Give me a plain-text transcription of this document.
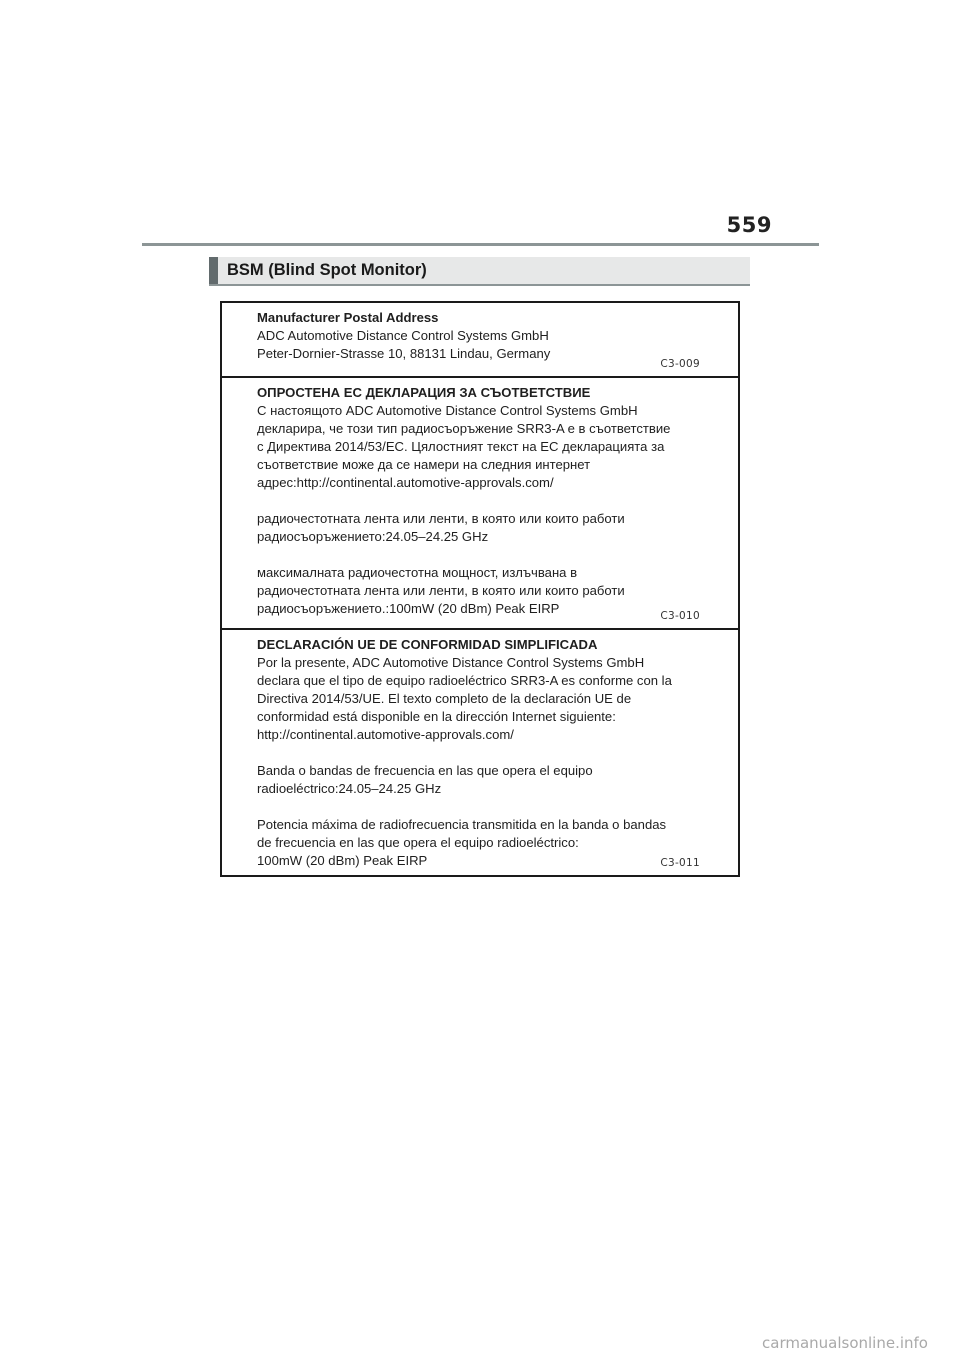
559
BSM (Blind Spot Monitor)

Manufacturer Postal Address

ADC Automotive Distance Control Systems GmbH

Peter-Dornier-Strasse 10, 88131 Lindau, Germany

C3-009

ОПРОСТЕНА ЕС ДЕКЛАРАЦИЯ ЗА СЪОТВЕТСТВИЕ

С настоящото ADC Automotive Distance Control Systems GmbH

декларира, че този тип радиосъоръжение SRR3-A е в съответствие

с Директива 2014/53/ЕС. Цялостният текст на ЕС декларацията за

съответствие може да се намери на следния интернет

адрес:http://continental.automotive-approvals.com/

радиочестотната лента или ленти, в която или които работи

радиосъоръжението:24.05–24.25 GHz

максималната радиочестотна мощност, излъчвана в

радиочестотната лента или ленти, в която или които работи

радиосъоръжението.:100mW (20 dBm) Peak EIRP	C3-010

DECLARACIÓN UE DE CONFORMIDAD SIMPLIFICADA

Por la presente, ADC Automotive Distance Control Systems GmbH

declara que el tipo de equipo radioeléctrico SRR3-A es conforme con la

Directiva 2014/53/UE. El texto completo de la declaración UE de

conformidad está disponible en la dirección Internet siguiente:

http://continental.automotive-approvals.com/

Banda o bandas de frecuencia en las que opera el equipo

radioeléctrico:24.05–24.25 GHz

Potencia máxima de radiofrecuencia transmitida en la banda o bandas

de frecuencia en las que opera el equipo radioeléctrico:

100mW (20 dBm) Peak EIRP	C3-011
carmanualsonline.info
